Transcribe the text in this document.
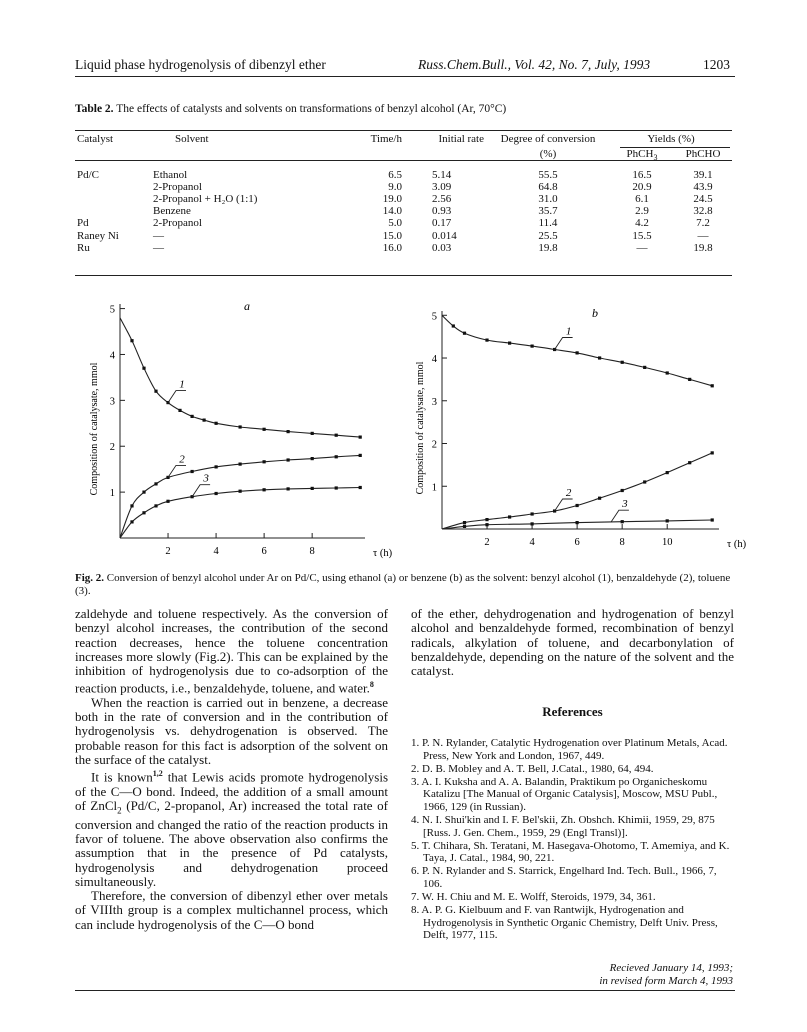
Liquid phase hydrogenolysis of dibenzyl ether	Russ.Chem.Bull., Vol. 42, No. 7, July, 1993	1203
Table 2. The effects of catalysts and solvents on transformations of benzyl alcohol (Ar, 70°C)
Catalyst	Solvent	Time/h	Initial rate	Degree of conversion	Yields (%)	

				(%)	PhCH$_3$	PhCHO
Pd/C	Ethanol	6.5	5.14	55.5	16.5	39.1
	2-Propanol	9.0	3.09	64.8	20.9	43.9
	2-Propanol + H₂O (1:1)	19.0	2.56	31.0	6.1	24.5
	Benzene	14.0	0.93	35.7	2.9	32.8
Pd	2-Propanol	5.0	0.17	11.4	4.2	7.2
Raney Ni	—	15.0	0.014	25.5	15.5	—
Ru	—	16.0	0.03	19.8	—	19.8
1
2
3
4
5
2	4	6	8	τ (h)
Composition of catalysate, mmol
a
1
2
3
1
2
3
4
5
2	4	6	8	10	τ (h)
Composition of catalysate, mmol
b
1
2
3
Fig. 2. Conversion of benzyl alcohol under Ar on Pd/C, using ethanol (a) or benzene (b) as the solvent: benzyl alcohol (1), benzaldehyde (2), toluene (3).

zaldehyde and toluene respectively. As the conversion of benzyl alcohol increases, the contribution of the second reaction decreases, hence the toluene concentration increases more slowly (Fig.2). This can be explained by the inhibition of hydrogenolysis due to co-adsorption of the reaction products, i.e., benzaldehyde, toluene, and water.$^8$

When the reaction is carried out in benzene, a decrease both in the rate of conversion and in the contribution of hydrogenolysis vs. dehydrogenation is observed. The probable reason for this fact is adsorption of the solvent on the surface of the catalyst.

It is known$^{1,2}$ that Lewis acids promote hydrogenolysis of the C—O bond. Indeed, the addition of a small amount of ZnCl$_2$ (Pd/C, 2-propanol, Ar) increased the total rate of conversion and changed the ratio of the reaction products in favor of toluene. The above observation also confirms the assumption that in the presence of Pd catalysts, hydrogenolysis and dehydrogenation proceed simultaneously.

Therefore, the conversion of dibenzyl ether over metals of VIIIth group is a complex multichannel process, which can include hydrogenolysis of the C—O bond

of the ether, dehydrogenation and hydrogenation of benzyl alcohol and benzaldehyde formed, recombination of benzyl radicals, alkylation of toluene, and decarbonylation of benzaldehyde, depending on the nature of the solvent and the catalyst.

References

1. P. N. Rylander, Catalytic Hydrogenation over Platinum Metals, Acad. Press, New York and London, 1967, 449.

2. D. B. Mobley and A. T. Bell, J.Catal., 1980, 64, 494.

3. A. I. Kuksha and A. A. Balandin, Praktikum po Organicheskomu Katalizu [The Manual of Organic Catalysis], Moscow, MSU Publ., 1966, 129 (in Russian).

4. N. I. Shui'kin and I. F. Bel'skii, Zh. Obshch. Khimii, 1959, 29, 875 [Russ. J. Gen. Chem., 1959, 29 (Engl Transl)].

5. T. Chihara, Sh. Teratani, M. Hasegava-Ohotomo, T. Amemiya, and K. Taya, J. Catal., 1984, 90, 221.

6. P. N. Rylander and S. Starrick, Engelhard Ind. Tech. Bull., 1966, 7, 106.

7. W. H. Chiu and M. E. Wolff, Steroids, 1979, 34, 361.

8. A. P. G. Kielbuum and F. van Rantwijk, Hydrogenation and Hydrogenolysis in Synthetic Organic Chemistry, Delft Univ. Press, Delft, 1977, 115.

Recieved January 14, 1993;
in revised form March 4, 1993
